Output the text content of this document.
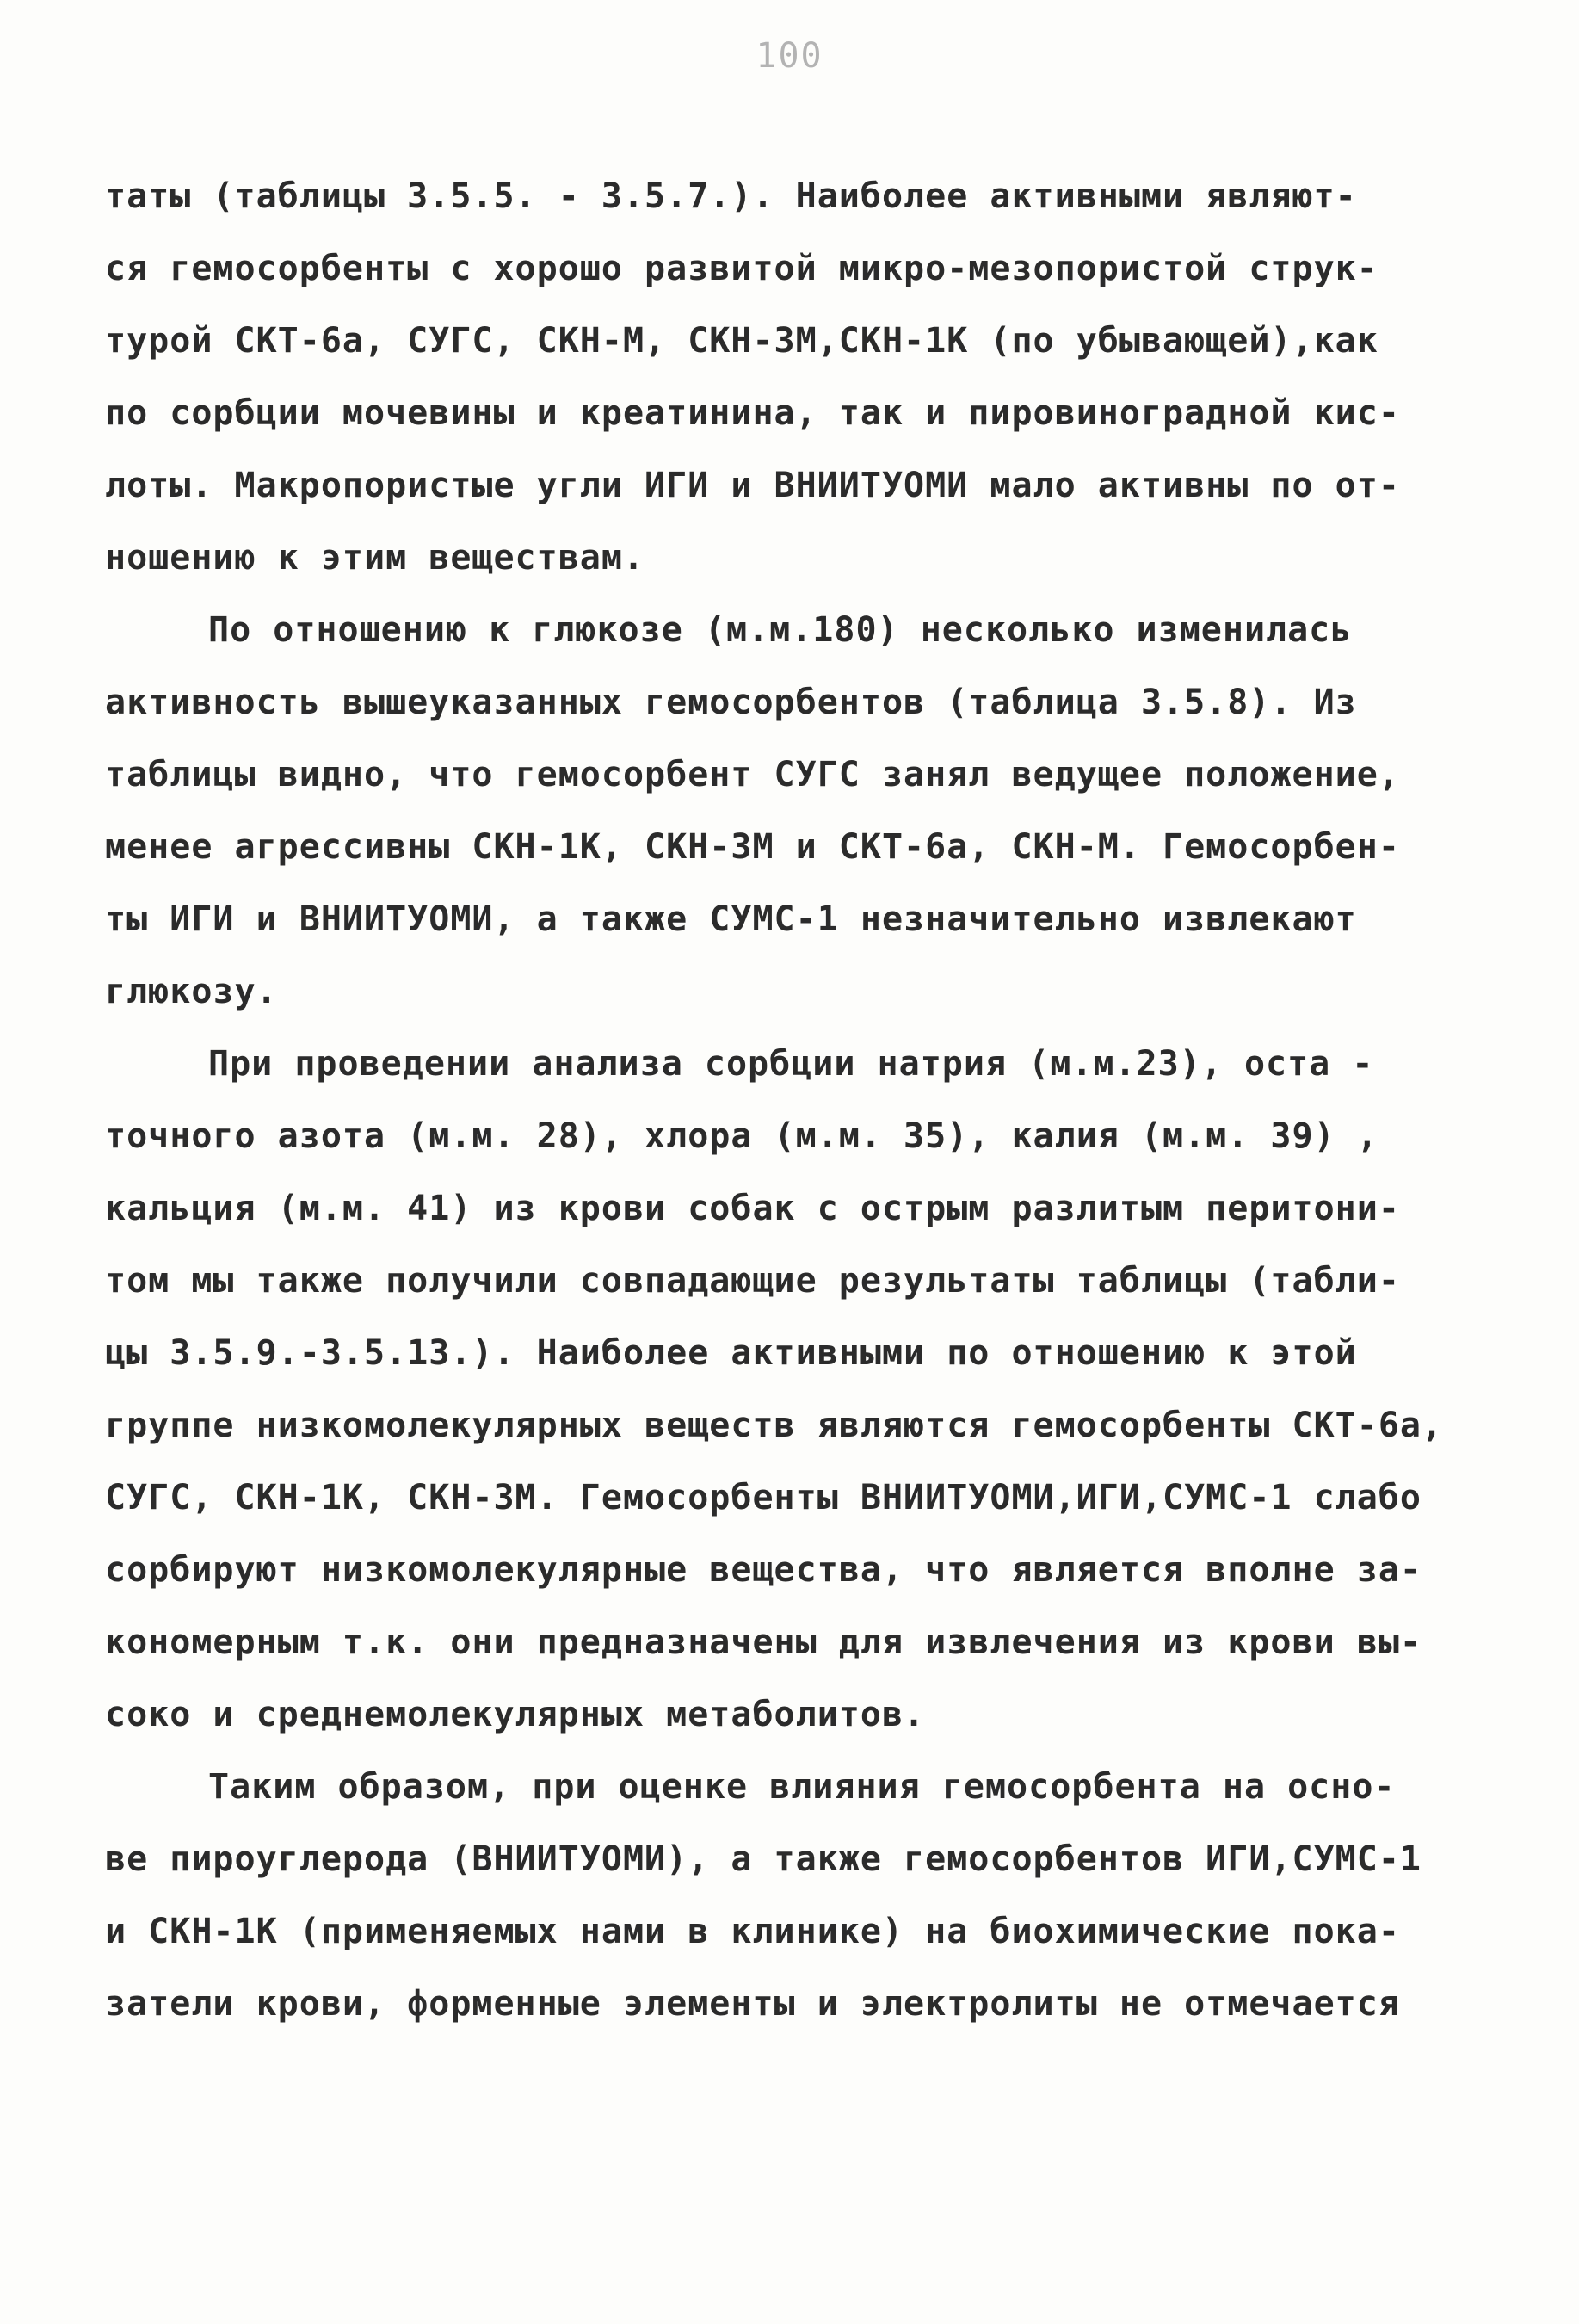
100
таты (таблицы 3.5.5. - 3.5.7.). Наиболее активными являют-
ся гемосорбенты с хорошо развитой микро-мезопористой струк-
турой СКТ-6а, СУГС, СКН-М, СКН-3М,СКН-1К (по убывающей),как
по сорбции мочевины и креатинина, так и пировиноградной кис-
лоты. Макропористые угли ИГИ и ВНИИТУОМИ мало активны по от-
ношению к этим веществам.
По отношению к глюкозе (м.м.180) несколько изменилась
активность вышеуказанных гемосорбентов (таблица 3.5.8). Из
таблицы видно, что гемосорбент СУГС занял ведущее положение,
менее агрессивны СКН-1К, СКН-3М и СКТ-6а, СКН-М. Гемосорбен-
ты ИГИ и ВНИИТУОМИ, а также СУМС-1 незначительно извлекают
глюкозу.
При проведении анализа сорбции натрия (м.м.23), оста -
точного азота (м.м. 28), хлора (м.м. 35), калия (м.м. 39) ,
кальция (м.м. 41) из крови собак с острым разлитым перитони-
том мы также получили совпадающие результаты таблицы (табли-
цы 3.5.9.-3.5.13.). Наиболее активными по отношению к этой
группе низкомолекулярных веществ являются гемосорбенты СКТ-6а,
СУГС, СКН-1К, СКН-3М. Гемосорбенты ВНИИТУОМИ,ИГИ,СУМС-1 слабо
сорбируют низкомолекулярные вещества, что является вполне за-
кономерным т.к. они предназначены для извлечения из крови вы-
соко и среднемолекулярных метаболитов.
Таким образом, при оценке влияния гемосорбента на осно-
ве пироуглерода (ВНИИТУОМИ), а также гемосорбентов ИГИ,СУМС-1
и СКН-1К (применяемых нами в клинике) на биохимические пока-
затели крови, форменные элементы и электролиты не отмечается
